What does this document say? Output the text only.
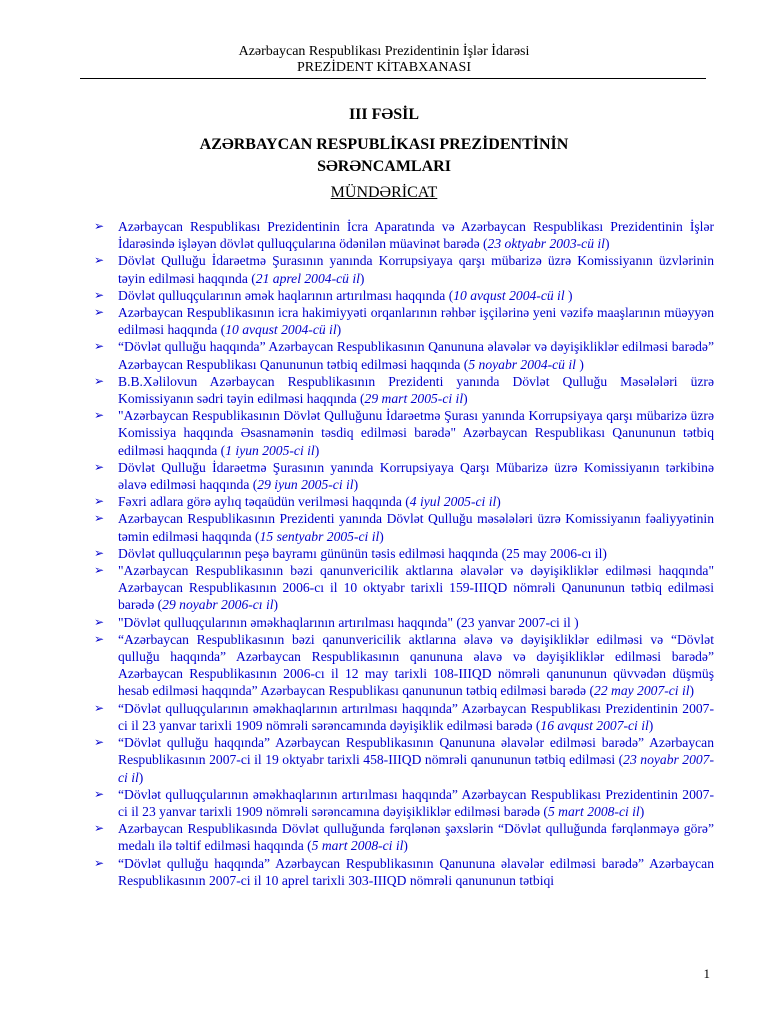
Azərbaycan Respublikası Prezidentinin İşlər İdarəsi
PREZİDENT KİTABXANASI
III FƏSİL
AZƏRBAYCAN RESPUBLİKASI PREZİDENTİNİN
SƏRƏNCAMLARI
MÜNDƏRİCAT
➢ Azərbaycan Respublikası Prezidentinin İcra Aparatında və Azərbaycan Respublikası Prezidentinin İşlər İdarəsində işləyən dövlət qulluqçularına ödənilən müavinət barədə (23 oktyabr 2003-cü il)
➢ Dövlət Qulluğu İdarəetmə Şurasının yanında Korrupsiyaya qarşı mübarizə üzrə Komissiyanın üzvlərinin təyin edilməsi haqqında (21 aprel 2004-cü il)
➢ Dövlət qulluqçularının əmək haqlarının artırılması haqqında (10 avqust 2004-cü il )
➢ Azərbaycan Respublikasının icra hakimiyyəti orqanlarının rəhbər işçilərinə yeni vəzifə maaşlarının müəyyən edilməsi haqqında (10 avqust 2004-cü il)
➢ “Dövlət qulluğu haqqında” Azərbaycan Respublikasının Qanununa əlavələr və dəyişikliklər edilməsi barədə” Azərbaycan Respublikası Qanununun tətbiq edilməsi haqqında (5 noyabr 2004-cü il )
➢ B.B.Xəlilovun Azərbaycan Respublikasının Prezidenti yanında Dövlət Qulluğu Məsələləri üzrə Komissiyanın sədri təyin edilməsi haqqında (29 mart 2005-ci il)
➢ "Azərbaycan Respublikasının Dövlət Qulluğunu İdarəetmə Şurası yanında Korrupsiyaya qarşı mübarizə üzrə Komissiya haqqında Əsasnamənin təsdiq edilməsi barədə" Azərbaycan Respublikası Qanununun tətbiq edilməsi haqqında (1 iyun 2005-ci il)
➢ Dövlət Qulluğu İdarəetmə Şurasının yanında Korrupsiyaya Qarşı Mübarizə üzrə Komissiyanın tərkibinə əlavə edilməsi haqqında (29 iyun 2005-ci il)
➢ Fəxri adlara görə aylıq təqaüdün verilməsi haqqında (4 iyul 2005-ci il)
➢ Azərbaycan Respublikasının Prezidenti yanında Dövlət Qulluğu məsələləri üzrə Komissiyanın fəaliyyətinin təmin edilməsi haqqında (15 sentyabr 2005-ci il)
➢ Dövlət qulluqçularının peşə bayramı gününün təsis edilməsi haqqında (25 may 2006-cı il)
➢ "Azərbaycan Respublikasının bəzi qanunvericilik aktlarına əlavələr və dəyişikliklər edilməsi haqqında" Azərbaycan Respublikasının 2006-cı il 10 oktyabr tarixli 159-IIIQD nömrəli Qanununun tətbiq edilməsi barədə (29 noyabr 2006-cı il)
➢ "Dövlət qulluqçularının əməkhaqlarının artırılması haqqında" (23 yanvar 2007-ci il )
➢ “Azərbaycan Respublikasının bəzi qanunvericilik aktlarına əlavə və dəyişikliklər edilməsi və “Dövlət qulluğu haqqında” Azərbaycan Respublikasının qanununa əlavə və dəyişikliklər edilməsi barədə” Azərbaycan Respublikasının 2006-cı il 12 may tarixli 108-IIIQD nömrəli qanununun qüvvədən düşmüş hesab edilməsi haqqında” Azərbaycan Respublikası qanununun tətbiq edilməsi barədə (22 may 2007-ci il)
➢ “Dövlət qulluqçularının əməkhaqlarının artırılması haqqında” Azərbaycan Respublikası Prezidentinin 2007-ci il 23 yanvar tarixli 1909 nömrəli sərəncamında dəyişiklik edilməsi barədə (16 avqust 2007-ci il)
➢ “Dövlət qulluğu haqqında” Azərbaycan Respublikasının Qanununa əlavələr edilməsi barədə” Azərbaycan Respublikasının 2007-ci il 19 oktyabr tarixli 458-IIIQD nömrəli qanununun tətbiq edilməsi (23 noyabr 2007-ci il)
➢ “Dövlət qulluqçularının əməkhaqlarının artırılması haqqında” Azərbaycan Respublikası Prezidentinin 2007-ci il 23 yanvar tarixli 1909 nömrəli sərəncamına dəyişikliklər edilməsi barədə (5 mart 2008-ci il)
➢ Azərbaycan Respublikasında Dövlət qulluğunda fərqlənən şəxslərin “Dövlət qulluğunda fərqlənməyə görə” medalı ilə təltif edilməsi haqqında (5 mart 2008-ci il)
➢ “Dövlət qulluğu haqqında” Azərbaycan Respublikasının Qanununa əlavələr edilməsi barədə” Azərbaycan Respublikasının 2007-ci il 10 aprel tarixli 303-IIIQD nömrəli qanununun tətbiqi
1
